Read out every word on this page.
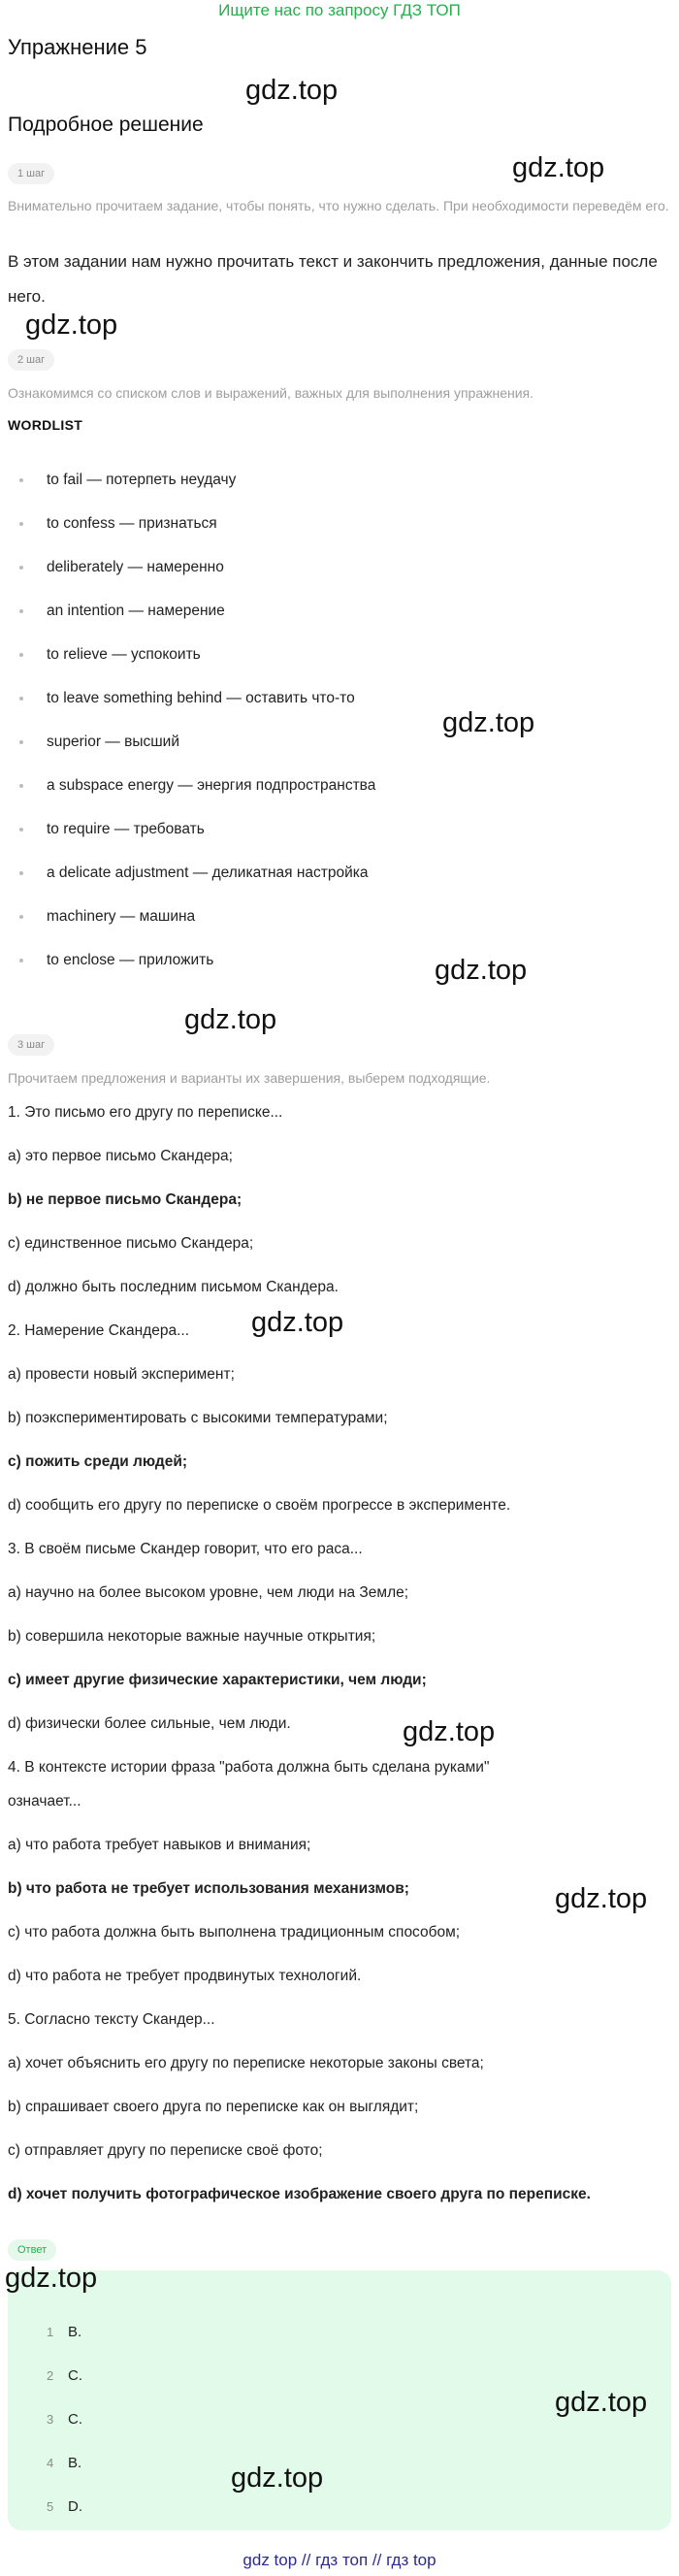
Ищите нас по запросу ГДЗ ТОП
Упражнение 5
Подробное решение
1 шаг
Внимательно прочитаем задание, чтобы понять, что нужно сделать. При необходимости переведём его.
В этом задании нам нужно прочитать текст и закончить предложения, данные после него.
2 шаг
Ознакомимся со списком слов и выражений, важных для выполнения упражнения.
WORDLIST
to fail — потерпеть неудачу
to confess — признаться
deliberately — намеренно
an intention — намерение
to relieve — успокоить
to leave something behind — оставить что-то
superior — высший
a subspace energy — энергия подпространства
to require — требовать
a delicate adjustment — деликатная настройка
machinery — машина
to enclose — приложить
3 шаг
Прочитаем предложения и варианты их завершения, выберем подходящие.
1. Это письмо его другу по переписке...
a) это первое письмо Скандера;
b) не первое письмо Скандера;
c) единственное письмо Скандера;
d) должно быть последним письмом Скандера.
2. Намерение Скандера...
a) провести новый эксперимент;
b) поэкспериментировать с высокими температурами;
c) пожить среди людей;
d) сообщить его другу по переписке о своём прогрессе в эксперименте.
3. В своём письме Скандер говорит, что его раса...
a) научно на более высоком уровне, чем люди на Земле;
b) совершила некоторые важные научные открытия;
c) имеет другие физические характеристики, чем люди;
d) физически более сильные, чем люди.
4. В контексте истории фраза "работа должна быть сделана руками"
означает...
a) что работа требует навыков и внимания;
b) что работа не требует использования механизмов;
c) что работа должна быть выполнена традиционным способом;
d) что работа не требует продвинутых технологий.
5. Согласно тексту Скандер...
a) хочет объяснить его другу по переписке некоторые законы света;
b) спрашивает своего друга по переписке как он выглядит;
c) отправляет другу по переписке своё фото;
d) хочет получить фотографическое изображение своего друга по переписке.
Ответ
1 B.
2 C.
3 C.
4 B.
5 D.
gdz.top
gdz.top
gdz.top
gdz.top
gdz.top
gdz.top
gdz.top
gdz.top
gdz.top
gdz.top
gdz.top
gdz.top
gdz top // гдз топ // гдз top
